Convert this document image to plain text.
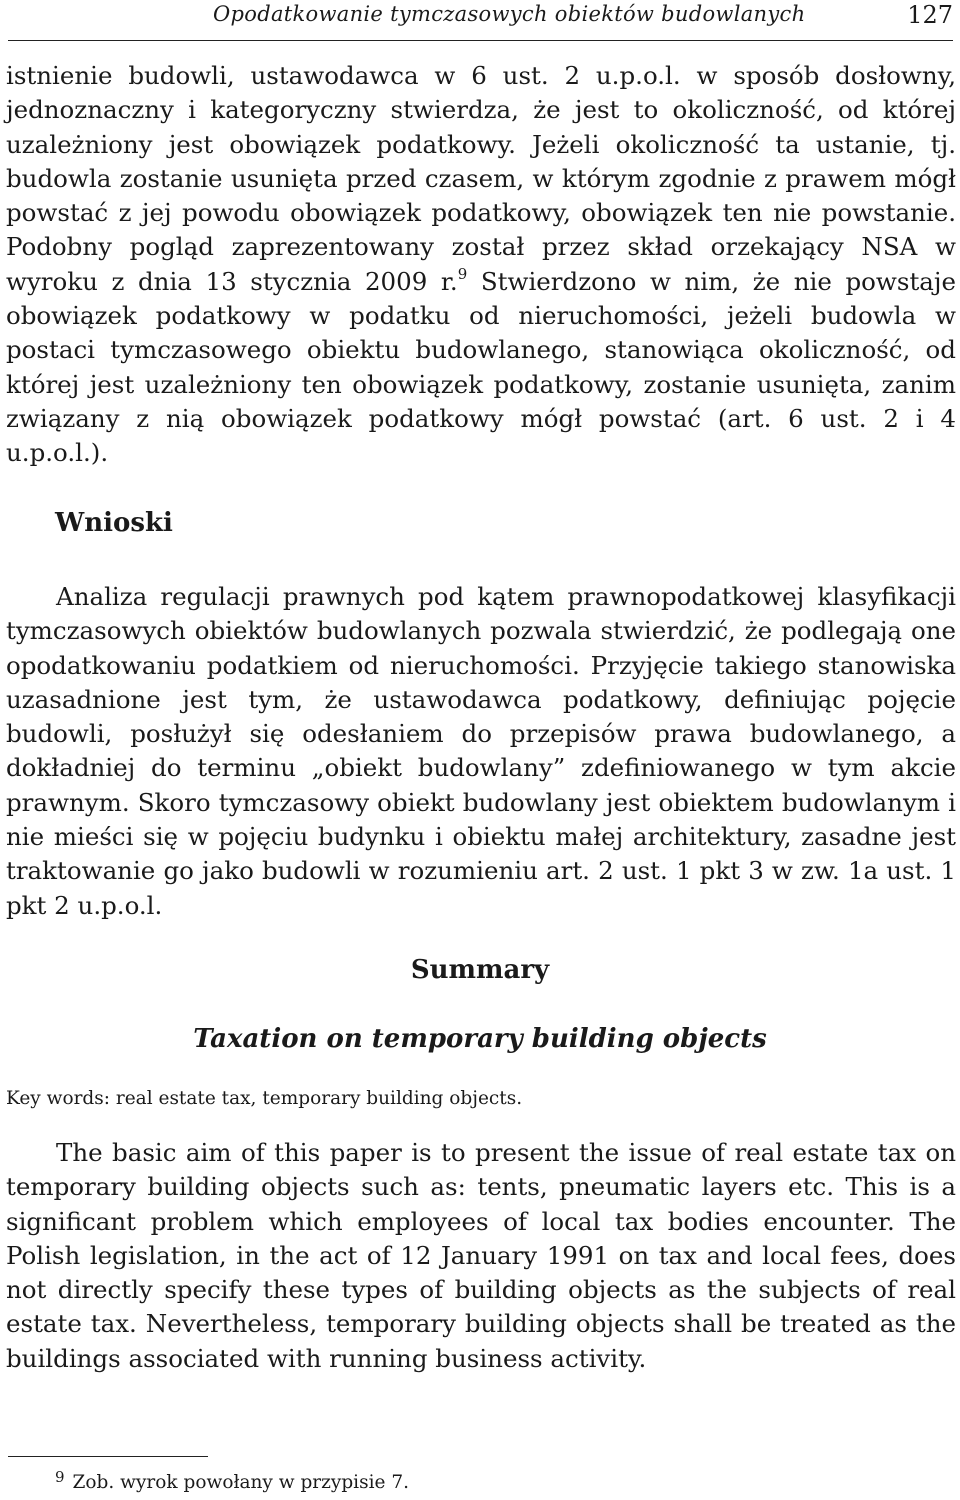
Opodatkowanie tymczasowych obiektów budowlanych	127

istnienie budowli, ustawodawca w 6 ust. 2 u.p.o.l. w sposób dosłowny, jednoznaczny i kategoryczny stwierdza, że jest to okoliczność, od której uzależniony jest obowiązek podatkowy. Jeżeli okoliczność ta ustanie, tj. budowla zostanie usunięta przed czasem, w którym zgodnie z prawem mógł powstać z jej powodu obowiązek podatkowy, obowiązek ten nie powstanie. Podobny pogląd zaprezentowany został przez skład orzekający NSA w wyroku z dnia 13 stycznia 2009 r.$^9$ Stwierdzono w nim, że nie powstaje obowiązek podatkowy w podatku od nieruchomości, jeżeli budowla w postaci tymczasowego obiektu budowlanego, stanowiąca okoliczność, od której jest uzależniony ten obowiązek podatkowy, zostanie usunięta, zanim związany z nią obowiązek podatkowy mógł powstać (art. 6 ust. 2 i 4 u.p.o.l.).

Wnioski

Analiza regulacji prawnych pod kątem prawnopodatkowej klasyfikacji tymczasowych obiektów budowlanych pozwala stwierdzić, że podlegają one opodatkowaniu podatkiem od nieruchomości. Przyjęcie takiego stanowiska uzasadnione jest tym, że ustawodawca podatkowy, definiując pojęcie budowli, posłużył się odesłaniem do przepisów prawa budowlanego, a dokładniej do terminu „obiekt budowlany” zdefiniowanego w tym akcie prawnym. Skoro tymczasowy obiekt budowlany jest obiektem budowlanym i nie mieści się w pojęciu budynku i obiektu małej architektury, zasadne jest traktowanie go jako budowli w rozumieniu art. 2 ust. 1 pkt 3 w zw. 1a ust. 1 pkt 2 u.p.o.l.

Summary
Taxation on temporary building objects

Key words: real estate tax, temporary building objects.

The basic aim of this paper is to present the issue of real estate tax on temporary building objects such as: tents, pneumatic layers etc. This is a significant problem which employees of local tax bodies encounter. The Polish legislation, in the act of 12 January 1991 on tax and local fees, does not directly specify these types of building objects as the subjects of real estate tax. Nevertheless, temporary building objects shall be treated as the buildings associated with running business activity.

$^9$ Zob. wyrok powołany w przypisie 7.
